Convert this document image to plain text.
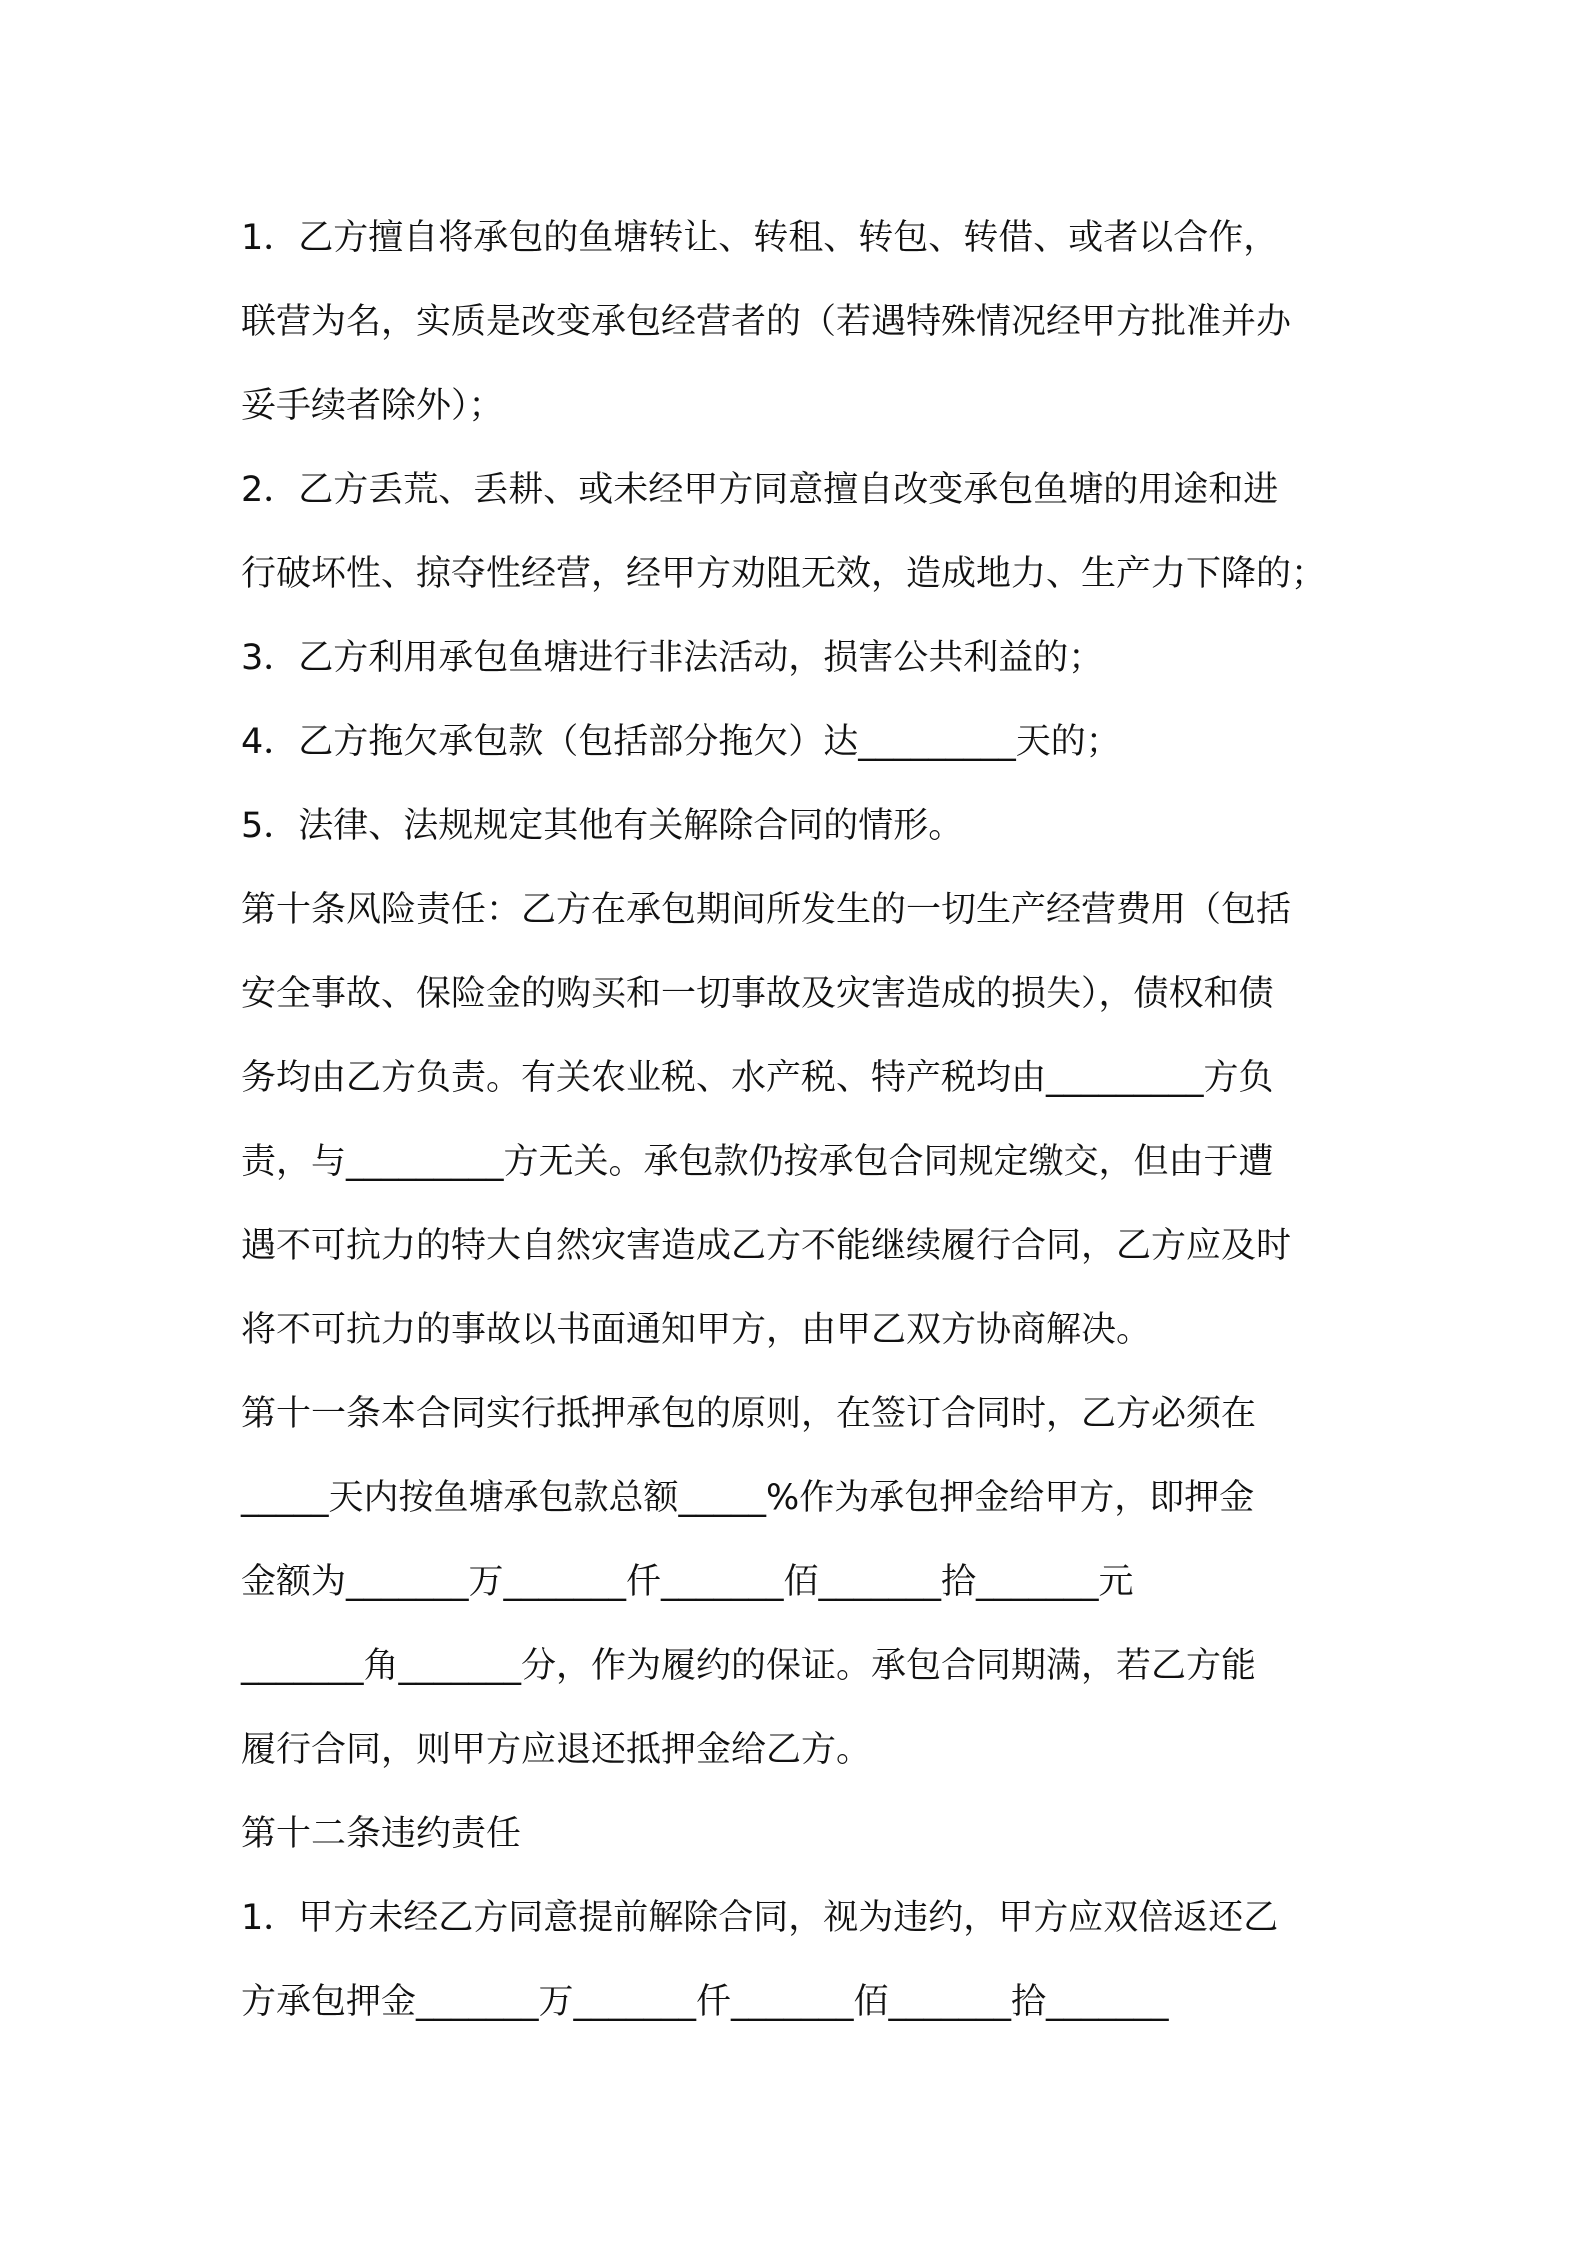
1．乙方擅自将承包的鱼塘转让、转租、转包、转借、或者以合作，
联营为名，实质是改变承包经营者的（若遇特殊情况经甲方批准并办
妥手续者除外）；
2．乙方丢荒、丢耕、或未经甲方同意擅自改变承包鱼塘的用途和进
行破坏性、掠夺性经营，经甲方劝阻无效，造成地力、生产力下降的；
3．乙方利用承包鱼塘进行非法活动，损害公共利益的；
4．乙方拖欠承包款（包括部分拖欠）达_________天的；
5．法律、法规规定其他有关解除合同的情形。
第十条风险责任：乙方在承包期间所发生的一切生产经营费用（包括
安全事故、保险金的购买和一切事故及灾害造成的损失），债权和债
务均由乙方负责。有关农业税、水产税、特产税均由_________方负
责，与_________方无关。承包款仍按承包合同规定缴交，但由于遭
遇不可抗力的特大自然灾害造成乙方不能继续履行合同，乙方应及时
将不可抗力的事故以书面通知甲方，由甲乙双方协商解决。
第十一条本合同实行抵押承包的原则，在签订合同时，乙方必须在
_____天内按鱼塘承包款总额_____%作为承包押金给甲方，即押金
金额为_______万_______仟_______佰_______拾_______元
_______角_______分，作为履约的保证。承包合同期满，若乙方能
履行合同，则甲方应退还抵押金给乙方。
第十二条违约责任
1．甲方未经乙方同意提前解除合同，视为违约，甲方应双倍返还乙
方承包押金_______万_______仟_______佰_______拾_______
